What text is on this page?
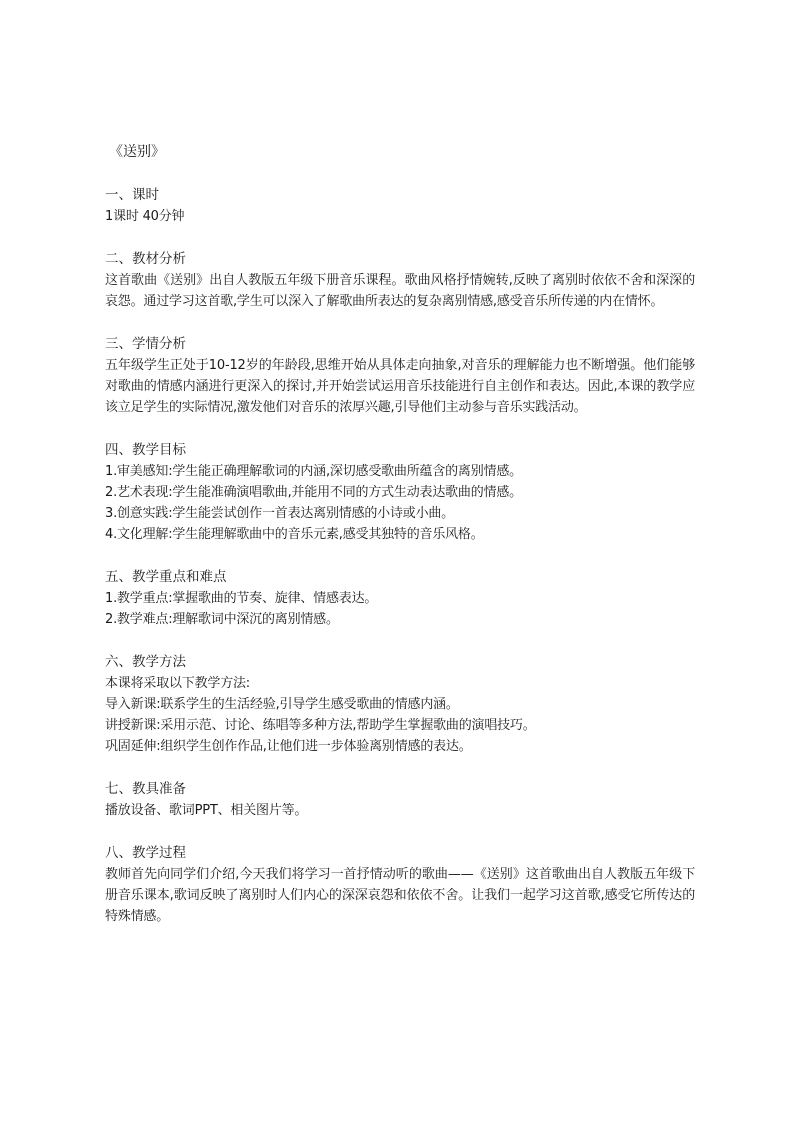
《送别》
一、课时

1课时 40分钟

二、教材分析

这首歌曲《送别》出自人教版五年级下册音乐课程。歌曲风格抒情婉转,反映了离别时依依不舍和深深的哀怨。通过学习这首歌,学生可以深入了解歌曲所表达的复杂离别情感,感受音乐所传递的内在情怀。

三、学情分析

五年级学生正处于10-12岁的年龄段,思维开始从具体走向抽象,对音乐的理解能力也不断增强。他们能够对歌曲的情感内涵进行更深入的探讨,并开始尝试运用音乐技能进行自主创作和表达。因此,本课的教学应该立足学生的实际情况,激发他们对音乐的浓厚兴趣,引导他们主动参与音乐实践活动。

四、教学目标

1.审美感知:学生能正确理解歌词的内涵,深切感受歌曲所蕴含的离别情感。

2.艺术表现:学生能准确演唱歌曲,并能用不同的方式生动表达歌曲的情感。

3.创意实践:学生能尝试创作一首表达离别情感的小诗或小曲。

4.文化理解:学生能理解歌曲中的音乐元素,感受其独特的音乐风格。

五、教学重点和难点

1.教学重点:掌握歌曲的节奏、旋律、情感表达。

2.教学难点:理解歌词中深沉的离别情感。

六、教学方法

本课将采取以下教学方法:

导入新课:联系学生的生活经验,引导学生感受歌曲的情感内涵。

讲授新课:采用示范、讨论、练唱等多种方法,帮助学生掌握歌曲的演唱技巧。

巩固延伸:组织学生创作作品,让他们进一步体验离别情感的表达。

七、教具准备

播放设备、歌词PPT、相关图片等。

八、教学过程

教师首先向同学们介绍,今天我们将学习一首抒情动听的歌曲——《送别》这首歌曲出自人教版五年级下册音乐课本,歌词反映了离别时人们内心的深深哀怨和依依不舍。让我们一起学习这首歌,感受它所传达的特殊情感。
